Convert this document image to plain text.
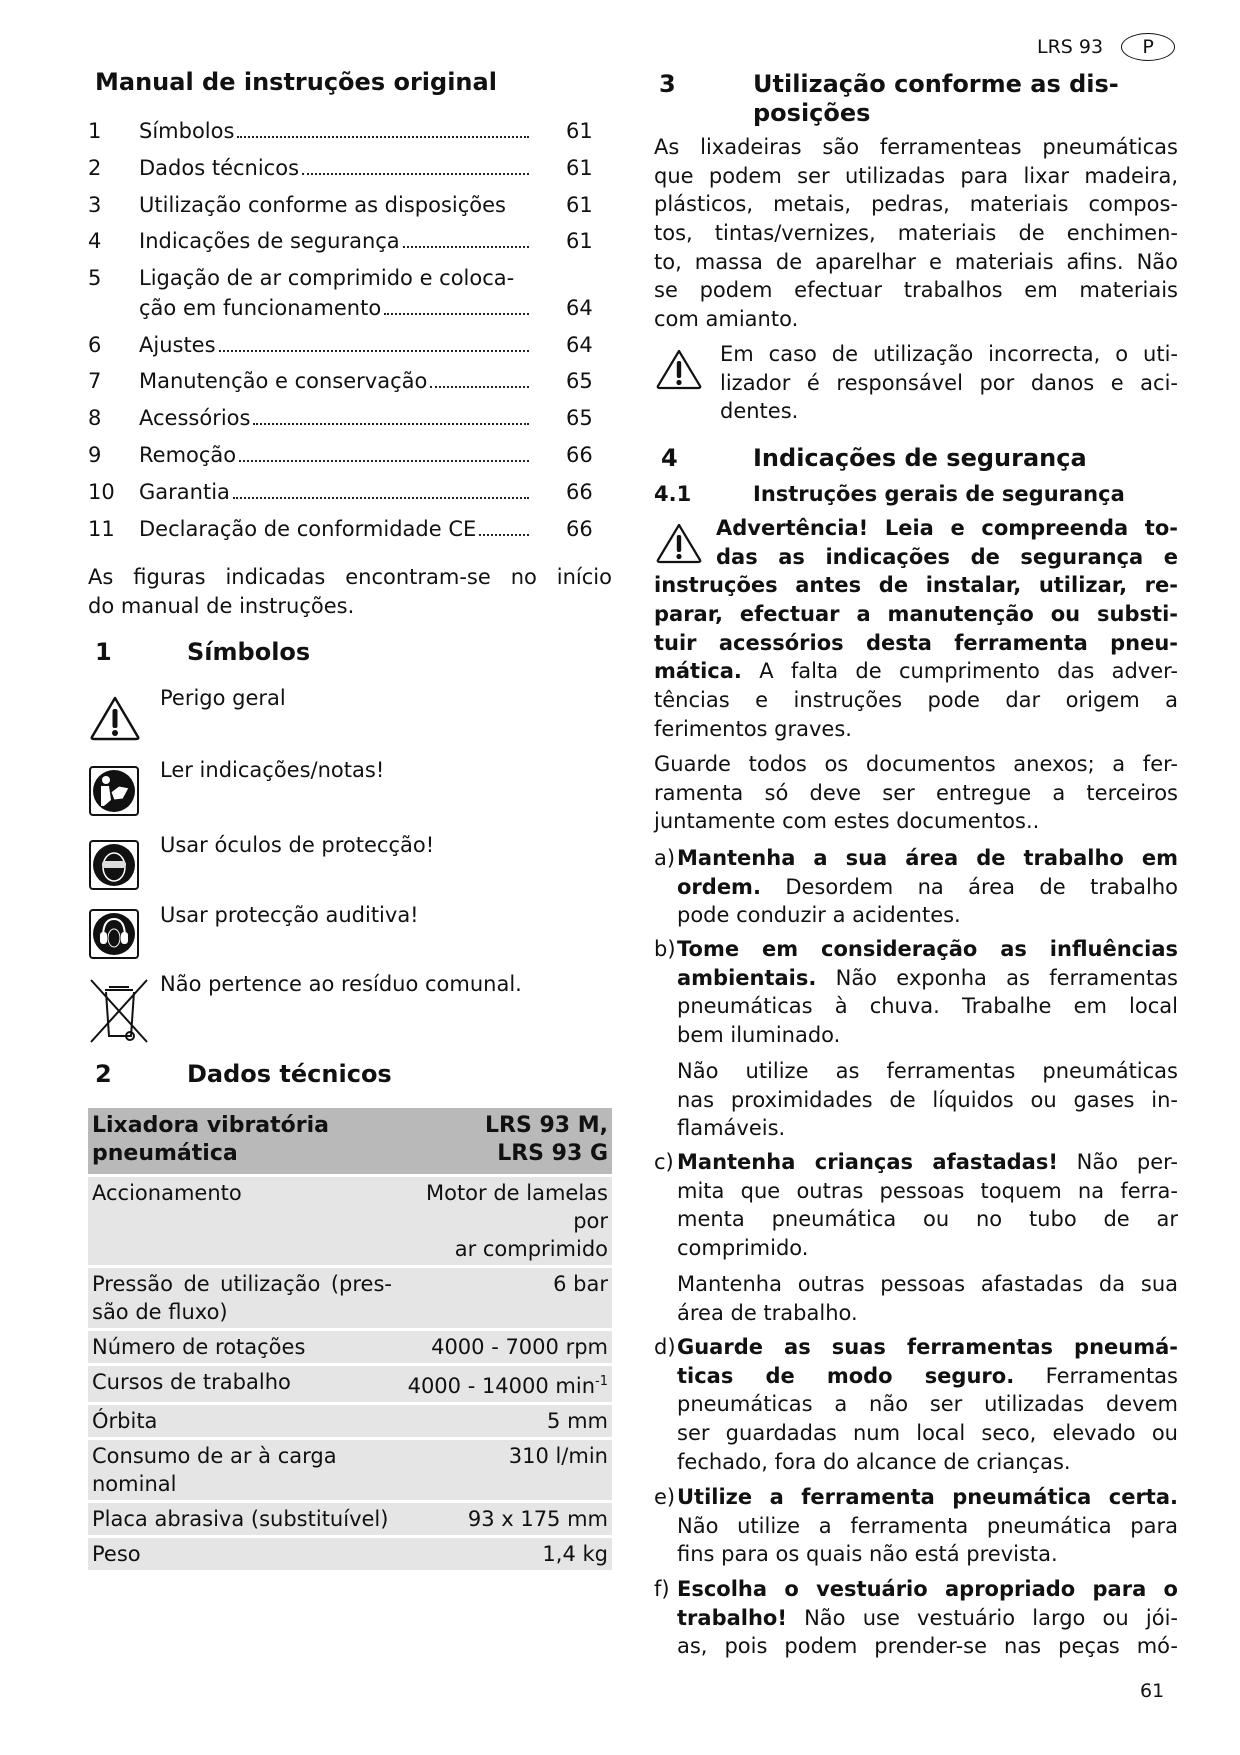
LRS 93 P
Manual de instruções original
1 Símbolos	61
2 Dados técnicos	61
3 Utilização conforme as disposições	61
4 Indicações de segurança	61
5 Ligação de ar comprimido e coloca-
ção em funcionamento	64
6 Ajustes	64
7 Manutenção e conservação	65
8 Acessórios	65
9 Remoção	66
10 Garantia	66
11 Declaração de conformidade CE	66
As figuras indicadas encontram-se no início
do manual de instruções.
1	Símbolos
Perigo geral
Ler indicações/notas!
Usar óculos de protecção!
Usar protecção auditiva!
Não pertence ao resíduo comunal.
2	Dados técnicos
Lixadora vibratória
pneumática	LRS 93 M,
LRS 93 G
Accionamento	Motor de lamelas por
ar comprimido

Pressão de utilização (pres-
são de fluxo)	6 bar
Número de rotações	4000 - 7000 rpm
Cursos de trabalho	4000 - 14000 $\min^{-1}$
Órbita	5 mm
Consumo de ar à carga
nominal	310 l/min
Placa abrasiva (substituível)	93 x 175 mm
Peso	1,4 kg
3	Utilização conforme as dis-
posições
As lixadeiras são ferramenteas pneumáticas
que podem ser utilizadas para lixar madeira,
plásticos, metais, pedras, materiais compos-
tos, tintas/vernizes, materiais de enchimen-
to, massa de aparelhar e materiais afins. Não
se podem efectuar trabalhos em materiais
com amianto.
Em caso de utilização incorrecta, o uti-
lizador é responsável por danos e aci-
dentes.
4	Indicações de segurança
4.1	Instruções gerais de segurança
Advertência! Leia e compreenda to-
das as indicações de segurança e
instruções antes de instalar, utilizar, re-
parar, efectuar a manutenção ou substi-
tuir acessórios desta ferramenta pneu-
mática. A falta de cumprimento das adver-
tências e instruções pode dar origem a
ferimentos graves.
Guarde todos os documentos anexos; a fer-
ramenta só deve ser entregue a terceiros
juntamente com estes documentos..
61
a) Mantenha a sua área de trabalho em
ordem. Desordem na área de trabalho
pode conduzir a acidentes.
b) Tome em consideração as influências
ambientais. Não exponha as ferramentas
pneumáticas à chuva. Trabalhe em local
bem iluminado.
Não utilize as ferramentas pneumáticas
nas proximidades de líquidos ou gases in-
flamáveis.
c) Mantenha crianças afastadas! Não per-
mita que outras pessoas toquem na ferra-
menta pneumática ou no tubo de ar
comprimido.
Mantenha outras pessoas afastadas da sua
área de trabalho.
d) Guarde as suas ferramentas pneumá-
ticas de modo seguro. Ferramentas
pneumáticas a não ser utilizadas devem
ser guardadas num local seco, elevado ou
fechado, fora do alcance de crianças.
e) Utilize a ferramenta pneumática certa.
Não utilize a ferramenta pneumática para
fins para os quais não está prevista.
f) Escolha o vestuário apropriado para o
trabalho! Não use vestuário largo ou jói-
as, pois podem prender-se nas peças mó-
